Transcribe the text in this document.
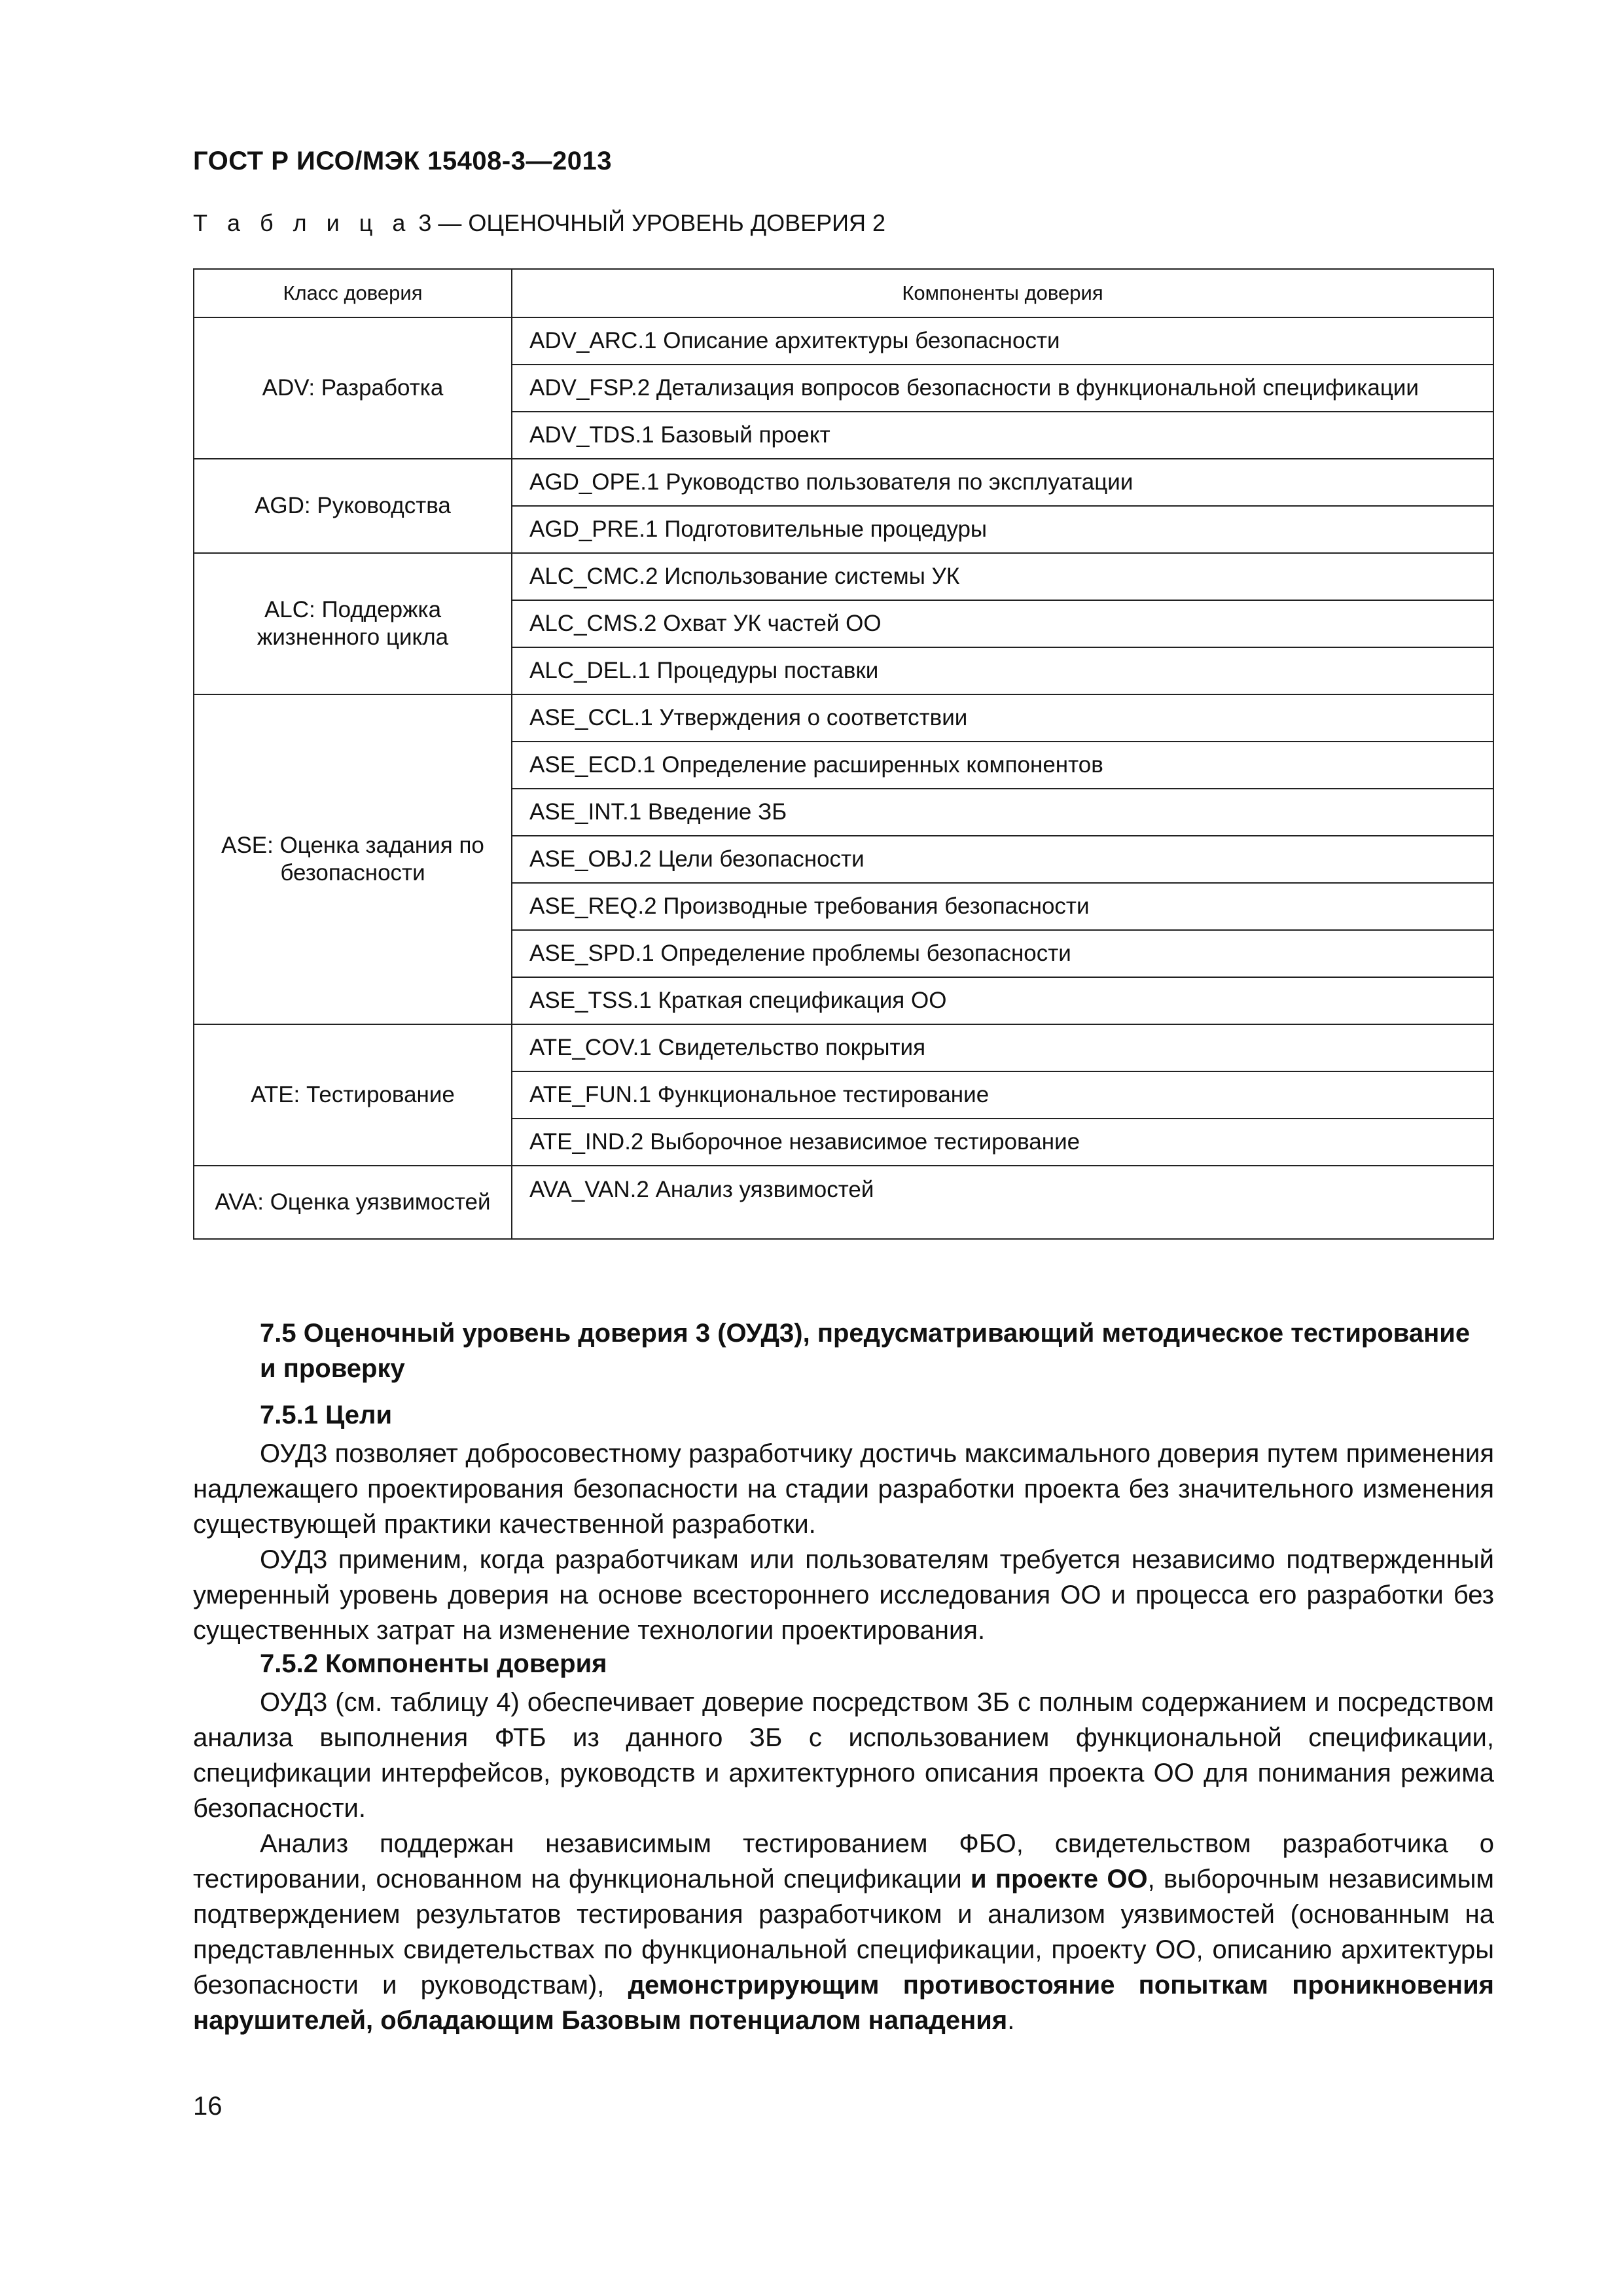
ГОСТ Р ИСО/МЭК 15408-3—2013
Т а б л и ц а 3 — ОЦЕНОЧНЫЙ УРОВЕНЬ ДОВЕРИЯ 2
Класс доверия	Компоненты доверия
ADV: Разработка	ADV_ARC.1 Описание архитектуры безопасности
	ADV_FSP.2 Детализация вопросов безопасности в функциональной спецификации
	ADV_TDS.1 Базовый проект
AGD: Руководства	AGD_OPE.1 Руководство пользователя по эксплуатации
	AGD_PRE.1 Подготовительные процедуры
ALC: Поддержка жизненного цикла	ALC_CMC.2 Использование системы УК
	ALC_CMS.2 Охват УК частей ОО
	ALC_DEL.1 Процедуры поставки
ASE: Оценка задания по безопасности	ASE_CCL.1 Утверждения о соответствии
	ASE_ECD.1 Определение расширенных компонентов
	ASE_INT.1 Введение ЗБ
	ASE_OBJ.2 Цели безопасности
	ASE_REQ.2 Производные требования безопасности
	ASE_SPD.1 Определение проблемы безопасности
	ASE_TSS.1 Краткая спецификация ОО
ATE: Тестирование	ATE_COV.1 Свидетельство покрытия
	ATE_FUN.1 Функциональное тестирование
	ATE_IND.2 Выборочное независимое тестирование
AVA: Оценка уязвимостей	AVA_VAN.2 Анализ уязвимостей
7.5 Оценочный уровень доверия 3 (ОУД3), предусматривающий методическое тестирование и проверку
7.5.1 Цели

ОУД3 позволяет добросовестному разработчику достичь максимального доверия путем применения надлежащего проектирования безопасности на стадии разработки проекта без значительного изменения существующей практики качественной разработки.

ОУД3 применим, когда разработчикам или пользователям требуется независимо подтвержденный умеренный уровень доверия на основе всестороннего исследования ОО и процесса его разработки без существенных затрат на изменение технологии проектирования.

7.5.2 Компоненты доверия

ОУД3 (см. таблицу 4) обеспечивает доверие посредством ЗБ с полным содержанием и посредством анализа выполнения ФТБ из данного ЗБ с использованием функциональной спецификации, спецификации интерфейсов, руководств и архитектурного описания проекта ОО для понимания режима безопасности.

Анализ поддержан независимым тестированием ФБО, свидетельством разработчика о тестировании, основанном на функциональной спецификации и проекте ОО, выборочным независимым подтверждением результатов тестирования разработчиком и анализом уязвимостей (основанным на представленных свидетельствах по функциональной спецификации, проекту ОО, описанию архитектуры безопасности и руководствам), демонстрирующим противостояние попыткам проникновения нарушителей, обладающим Базовым потенциалом нападения.

16
